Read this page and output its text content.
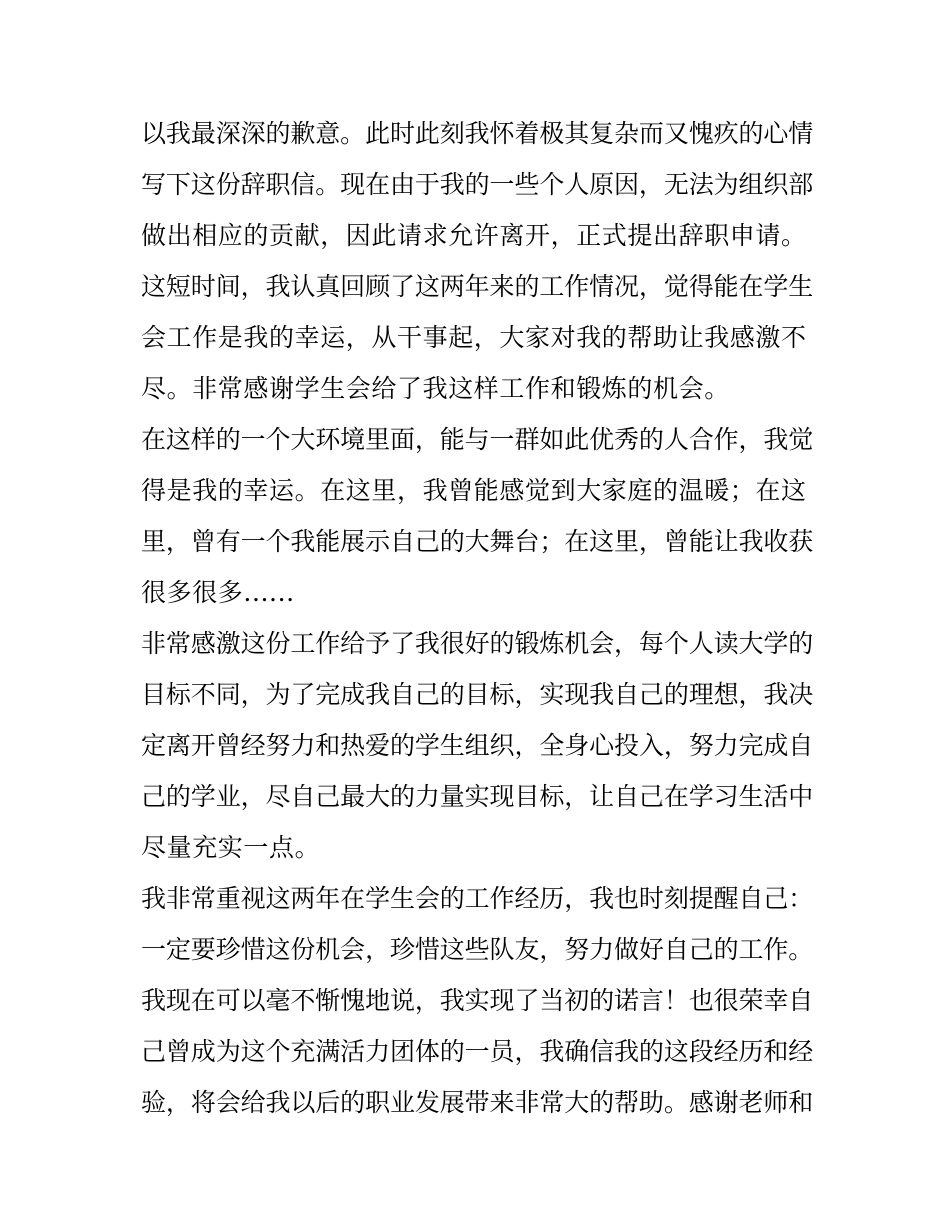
以我最深深的歉意。此时此刻我怀着极其复杂而又愧疚的心情
写下这份辞职信。现在由于我的一些个人原因，无法为组织部
做出相应的贡献，因此请求允许离开，正式提出辞职申请。
这短时间，我认真回顾了这两年来的工作情况，觉得能在学生
会工作是我的幸运，从干事起，大家对我的帮助让我感激不
尽。非常感谢学生会给了我这样工作和锻炼的机会。
在这样的一个大环境里面，能与一群如此优秀的人合作，我觉
得是我的幸运。在这里，我曾能感觉到大家庭的温暖；在这
里，曾有一个我能展示自己的大舞台；在这里，曾能让我收获
很多很多......
非常感激这份工作给予了我很好的锻炼机会，每个人读大学的
目标不同，为了完成我自己的目标，实现我自己的理想，我决
定离开曾经努力和热爱的学生组织，全身心投入，努力完成自
己的学业，尽自己最大的力量实现目标，让自己在学习生活中
尽量充实一点。
我非常重视这两年在学生会的工作经历，我也时刻提醒自己：
一定要珍惜这份机会，珍惜这些队友，努力做好自己的工作。
我现在可以毫不惭愧地说，我实现了当初的诺言！也很荣幸自
己曾成为这个充满活力团体的一员，我确信我的这段经历和经
验，将会给我以后的职业发展带来非常大的帮助。感谢老师和
